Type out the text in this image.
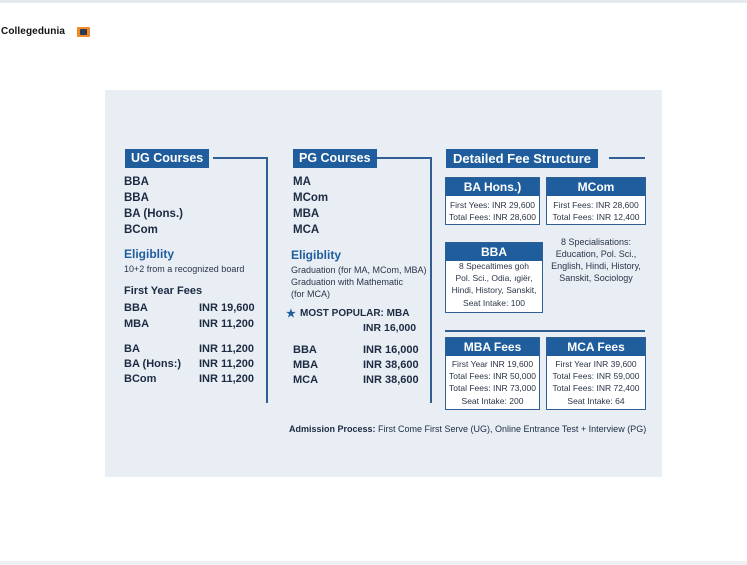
Collegedunia
UG Courses
BBA
BBA
BA (Hons.)
BCom
Eligiblity
10+2 from a recognized board
First Year Fees
BBA	INR 19,600
MBA	INR 11,200
BA	INR 11,200
BA (Hons:) INR 11,200
BCom	INR 11,200
PG Courses
MA
MCom
MBA
MCA
Eligiblity
Graduation (for MA, MCom, MBA)
Graduation with Mathematic
(for MCA)
★ MOST POPULAR: MBA
INR 16,000
BBA	INR 16,000
MBA	INR 38,600
MCA	INR 38,600
Detailed Fee Structure
BA Hons.)
First Yees: INR 29,600
Total Fees: INR 28,600
MCom
First Fees: INR 28,600
Total Fees: INR 12,400
BBA
8 Specaltimes ɡoh
Pol. Sci., Odia, ıgiër,
Hindi, History, Sanskit,
Seat Intake: 100
8 Specialisations:
Education, Pol. Sci.,
English, Hindi, History,
Sanskit, Sociology
MBA Fees
First Year INR 19,600
Total Fees: INR 50,000
Total Fees: INR 73,000
Seat Intake: 200
MCA Fees
First Year INR 39,600
Total Fees: INR 59,000
Total Fees: INR 72,400
Seat Intake: 64
Admission Process: First Come First Serve (UG), Online Entrance Test + Interview (PG)
